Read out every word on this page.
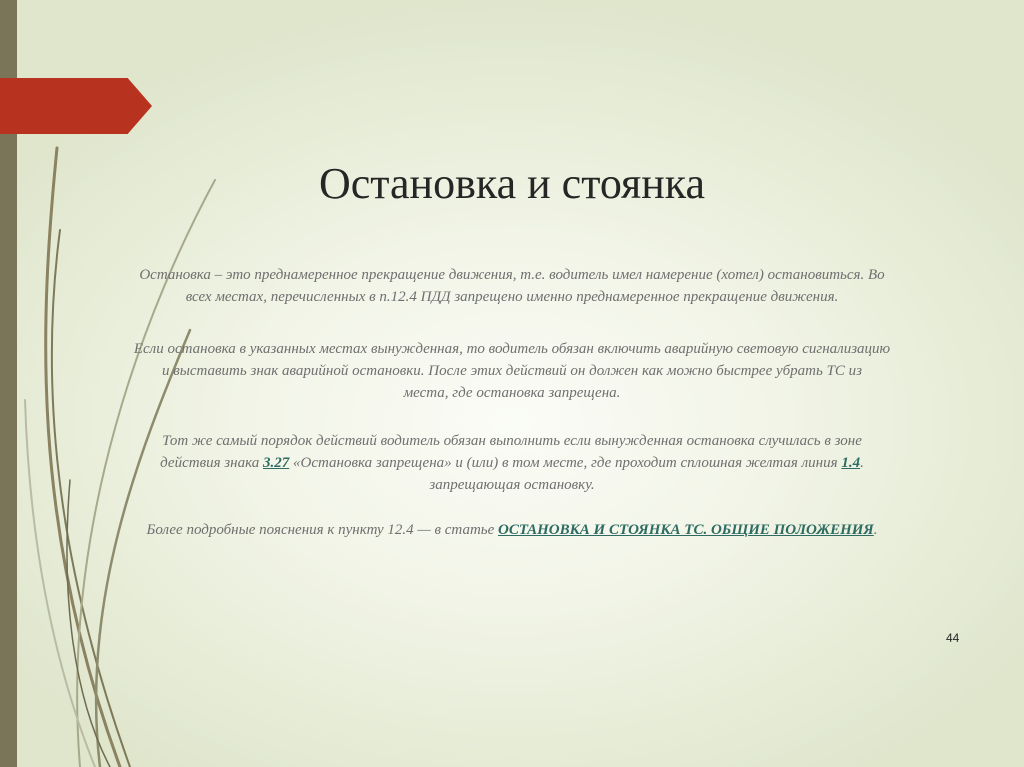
Остановка и стоянка
Остановка – это преднамеренное прекращение движения, т.е. водитель имел намерение (хотел) остановиться. Во
всех местах, перечисленных в п.12.4 ПДД запрещено именно преднамеренное прекращение движения.
Если остановка в указанных местах вынужденная, то водитель обязан включить аварийную световую сигнализацию
и выставить знак аварийной остановки. После этих действий он должен как можно быстрее убрать ТС из
места, где остановка запрещена.
Тот же самый порядок действий водитель обязан выполнить если вынужденная остановка случилась в зоне
действия знака 3.27 «Остановка запрещена» и (или) в том месте, где проходит сплошная желтая линия 1.4.
запрещающая остановку.
Более подробные пояснения к пункту 12.4 — в статье ОСТАНОВКА И СТОЯНКА ТС. ОБЩИЕ ПОЛОЖЕНИЯ.
44
